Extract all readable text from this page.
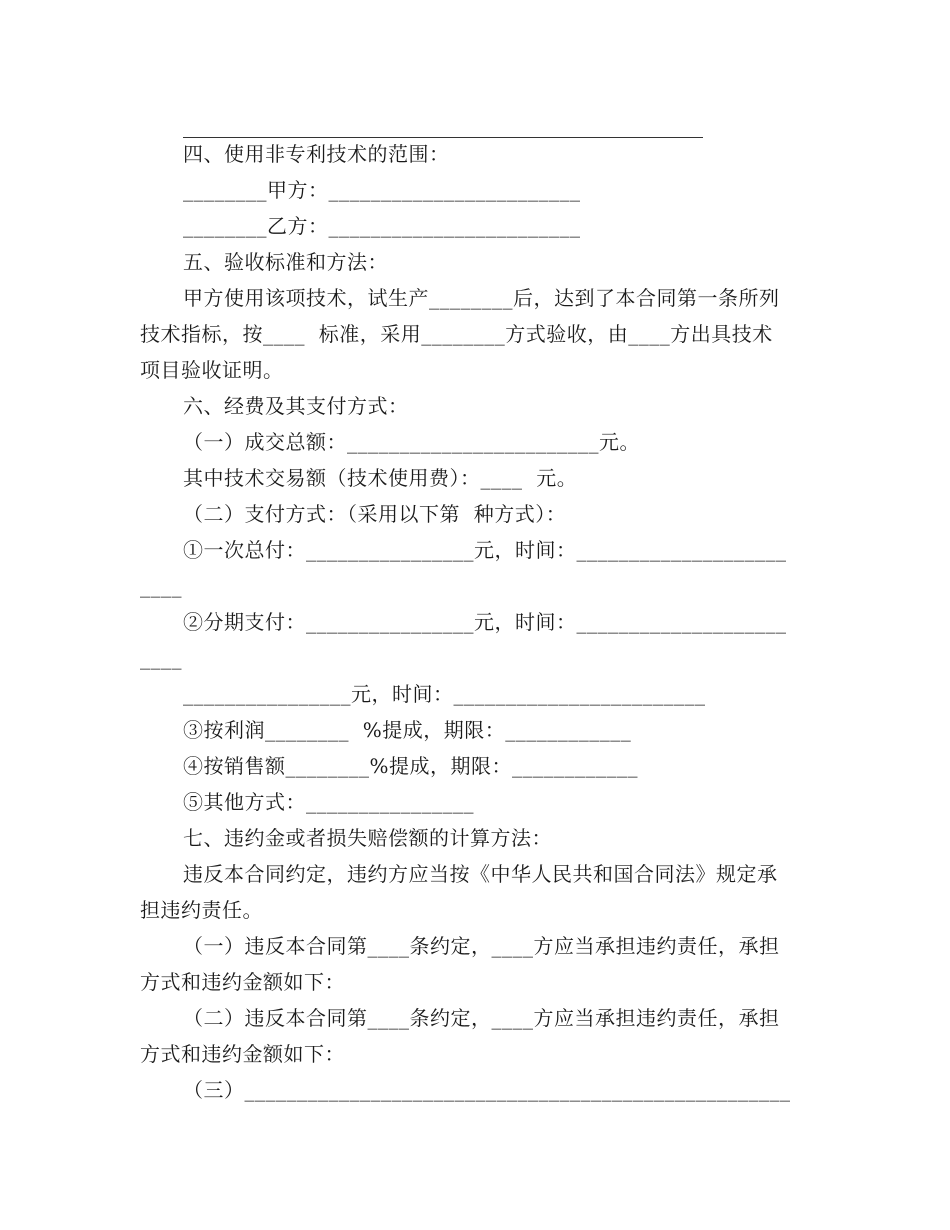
四、使用非专利技术的范围：
________甲方：________________________
________乙方：________________________
五、验收标准和方法：
甲方使用该项技术，试生产________后，达到了本合同第一条所列
技术指标，按____  标准，采用________方式验收，由____方出具技术
项目验收证明。
六、经费及其支付方式：
（一）成交总额：________________________元。
其中技术交易额（技术使用费）：____  元。
（二）支付方式：（采用以下第  种方式）：
①一次总付：________________元，时间：____________________
____
②分期支付：________________元，时间：____________________
____
________________元，时间：________________________
③按利润________  %提成，期限：____________
④按销售额________%提成，期限：____________
⑤其他方式：________________
七、违约金或者损失赔偿额的计算方法：
违反本合同约定，违约方应当按《中华人民共和国合同法》规定承
担违约责任。
（一）违反本合同第____条约定，____方应当承担违约责任，承担
方式和违约金额如下：
（二）违反本合同第____条约定，____方应当承担违约责任，承担
方式和违约金额如下：
（三）____________________________________________________
